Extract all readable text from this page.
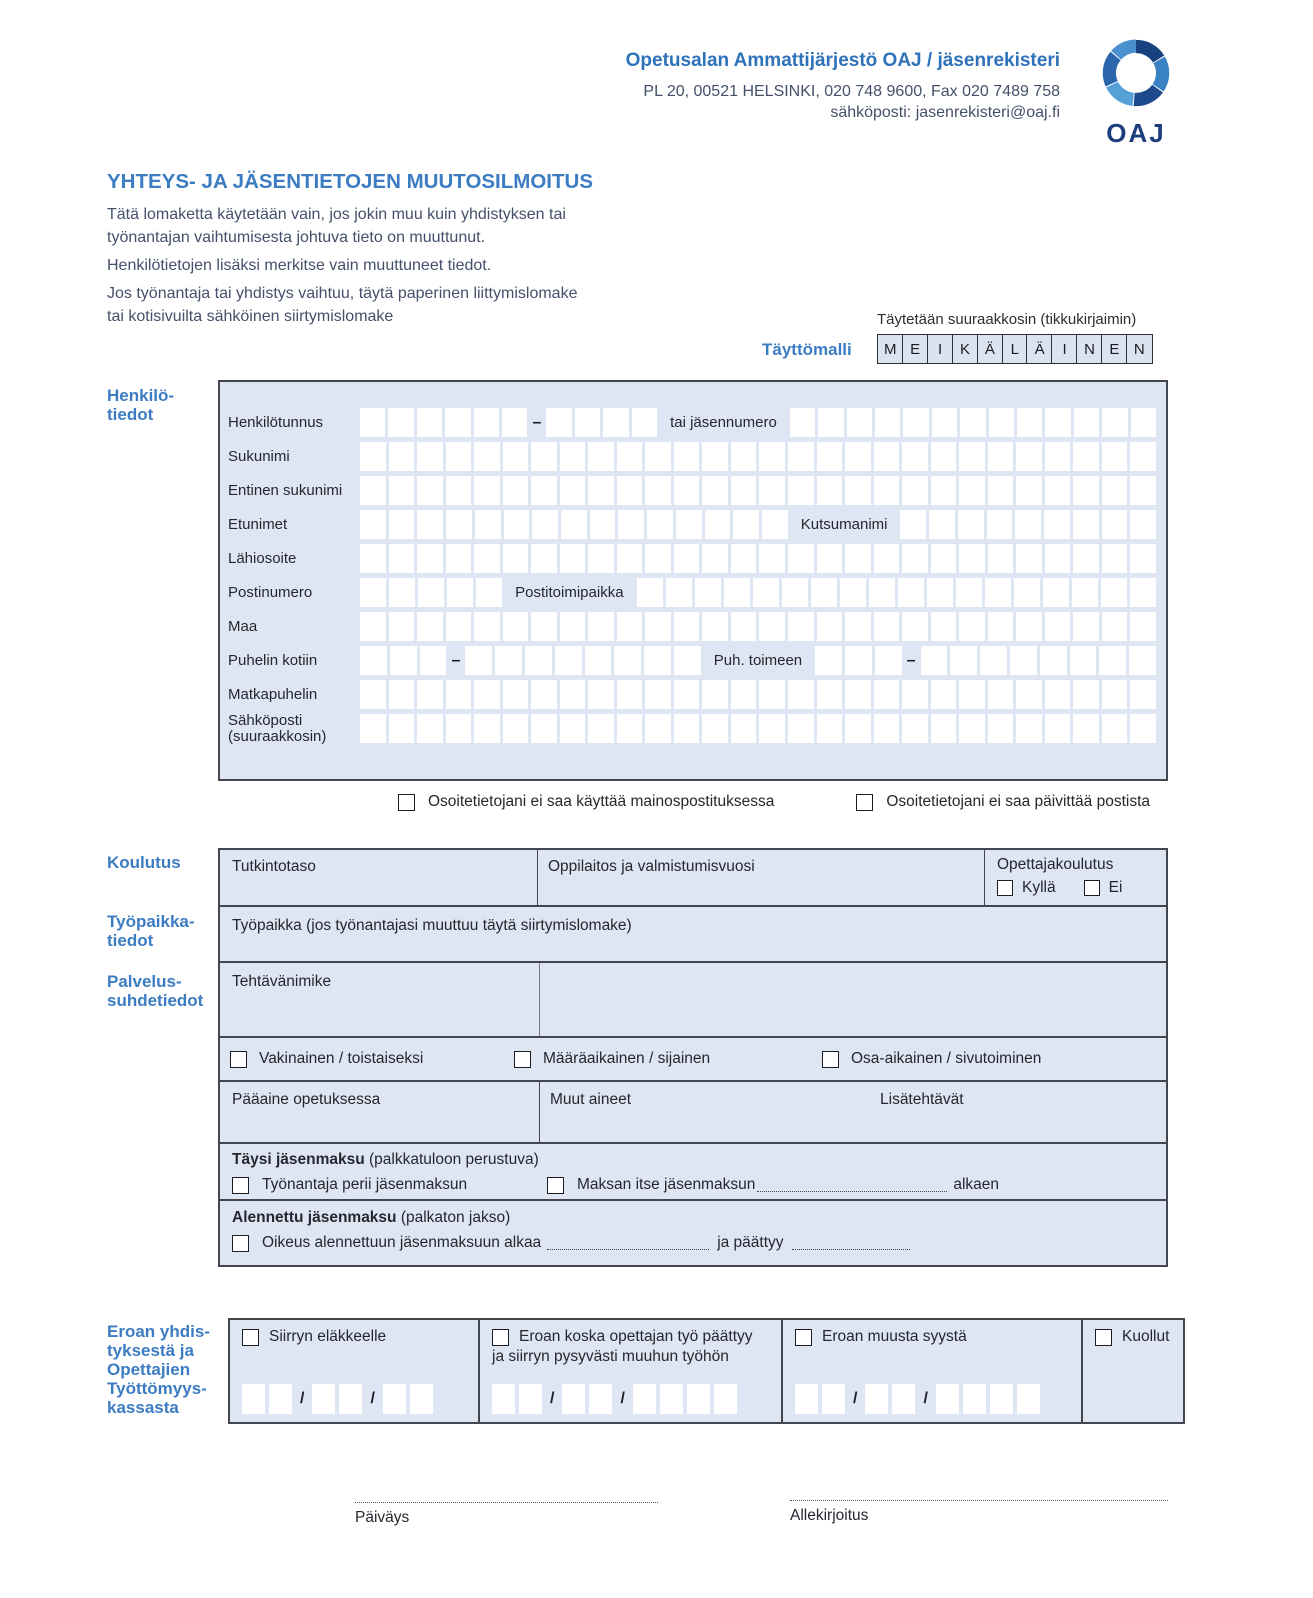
Opetusalan Ammattijärjestö OAJ / jäsenrekisteri
PL 20, 00521 HELSINKI, 020 748 9600, Fax 020 7489 758
sähköposti: jasenrekisteri@oaj.fi
OAJ
YHTEYS- JA JÄSENTIETOJEN MUUTOSILMOITUS

Tätä lomaketta käytetään vain, jos jokin muu kuin yhdistyksen tai
työnantajan vaihtumisesta johtuva tieto on muuttunut.

Henkilötietojen lisäksi merkitse vain muuttuneet tiedot.

Jos työnantaja tai yhdistys vaihtuu, täytä paperinen liittymislomake
tai kotisivuilta sähköinen siirtymislomake	Täytetään suuraakkosin (tikkukirjaimin)
Täyttömalli	M E	I	K Ä	L	Ä	I	N E N
Henkilö-
tiedot	Henkilötunnus	–	tai jäsennumero
Sukunimi
Entinen sukunimi
Etunimet	Kutsumanimi
Lähiosoite
Postinumero	Postitoimipaikka
Maa
Puhelin kotiin	–	Puh. toimeen	–
Matkapuhelin
Sähköposti
(suuraakkosin)
Osoitetietojani ei saa käyttää mainospostituksessa	Osoitetietojani ei saa päivittää postista
Koulutus
Työpaikka-
tiedot
Palvelus-
suhdetiedot
Tutkintotaso	Oppilaitos ja valmistumisvuosi	Opettajakoulutus
Kyllä	Ei
Työpaikka (jos työnantajasi muuttuu täytä siirtymislomake)
Tehtävänimike
Vakinainen / toistaiseksi	Määräaikainen / sijainen	Osa-aikainen / sivutoiminen
Pääaine opetuksessa	Muut aineet	Lisätehtävät
Täysi jäsenmaksu (palkkatuloon perustuva)
Työnantaja perii jäsenmaksun	Maksan itse jäsenmaksun	alkaen
Alennettu jäsenmaksu (palkaton jakso)
Oikeus alennettuun jäsenmaksuun alkaa	ja päättyy
Eroan yhdis-
tyksestä ja
Opettajien
Työttömyys-
kassasta
Siirryn eläkkeelle
/	/
Eroan koska opettajan työ päättyy
ja siirryn pysyvästi muuhun työhön
/	/
Eroan muusta syystä
/	/
Kuollut
Päiväys	Allekirjoitus
